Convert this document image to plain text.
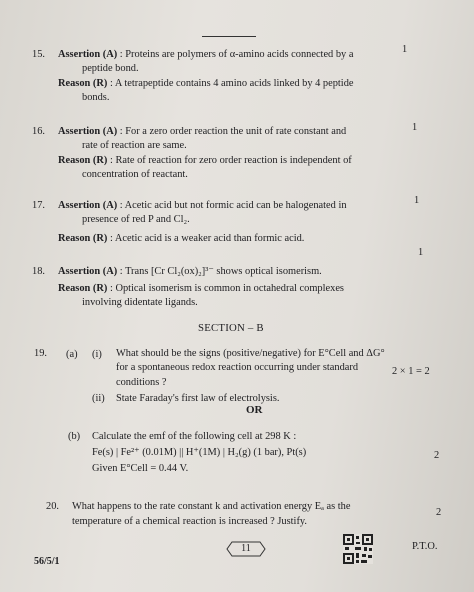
15. Assertion (A) : Proteins are polymers of α-amino acids connected by a
peptide bond.
Reason (R) : A tetrapeptide contains 4 amino acids linked by 4 peptide
bonds.
1
16. Assertion (A) : For a zero order reaction the unit of rate constant and
rate of reaction are same.
Reason (R) : Rate of reaction for zero order reaction is independent of
concentration of reactant.
1
17. Assertion (A) : Acetic acid but not formic acid can be halogenated in
presence of red P and Cl₂.
Reason (R) : Acetic acid is a weaker acid than formic acid.
1
18. Assertion (A) : Trans [Cr Cl₂(ox)₂]³⁻ shows optical isomerism.
Reason (R) : Optical isomerism is common in octahedral complexes
involving didentate ligands.
1
SECTION – B
19. (a) (i) What should be the signs (positive/negative) for E°Cell and ΔG°
for a spontaneous redox reaction occurring under standard
conditions ?
2 × 1 = 2
(ii) State Faraday's first law of electrolysis.
OR
(b) Calculate the emf of the following cell at 298 K :
Fe(s) | Fe²⁺ (0.01M) || H⁺(1M) | H₂(g) (1 bar), Pt(s)
Given E°Cell = 0.44 V.
2
20. What happens to the rate constant k and activation energy Eₐ as the
temperature of a chemical reaction is increased ? Justify.
2
56/5/1
11	P.T.O.
